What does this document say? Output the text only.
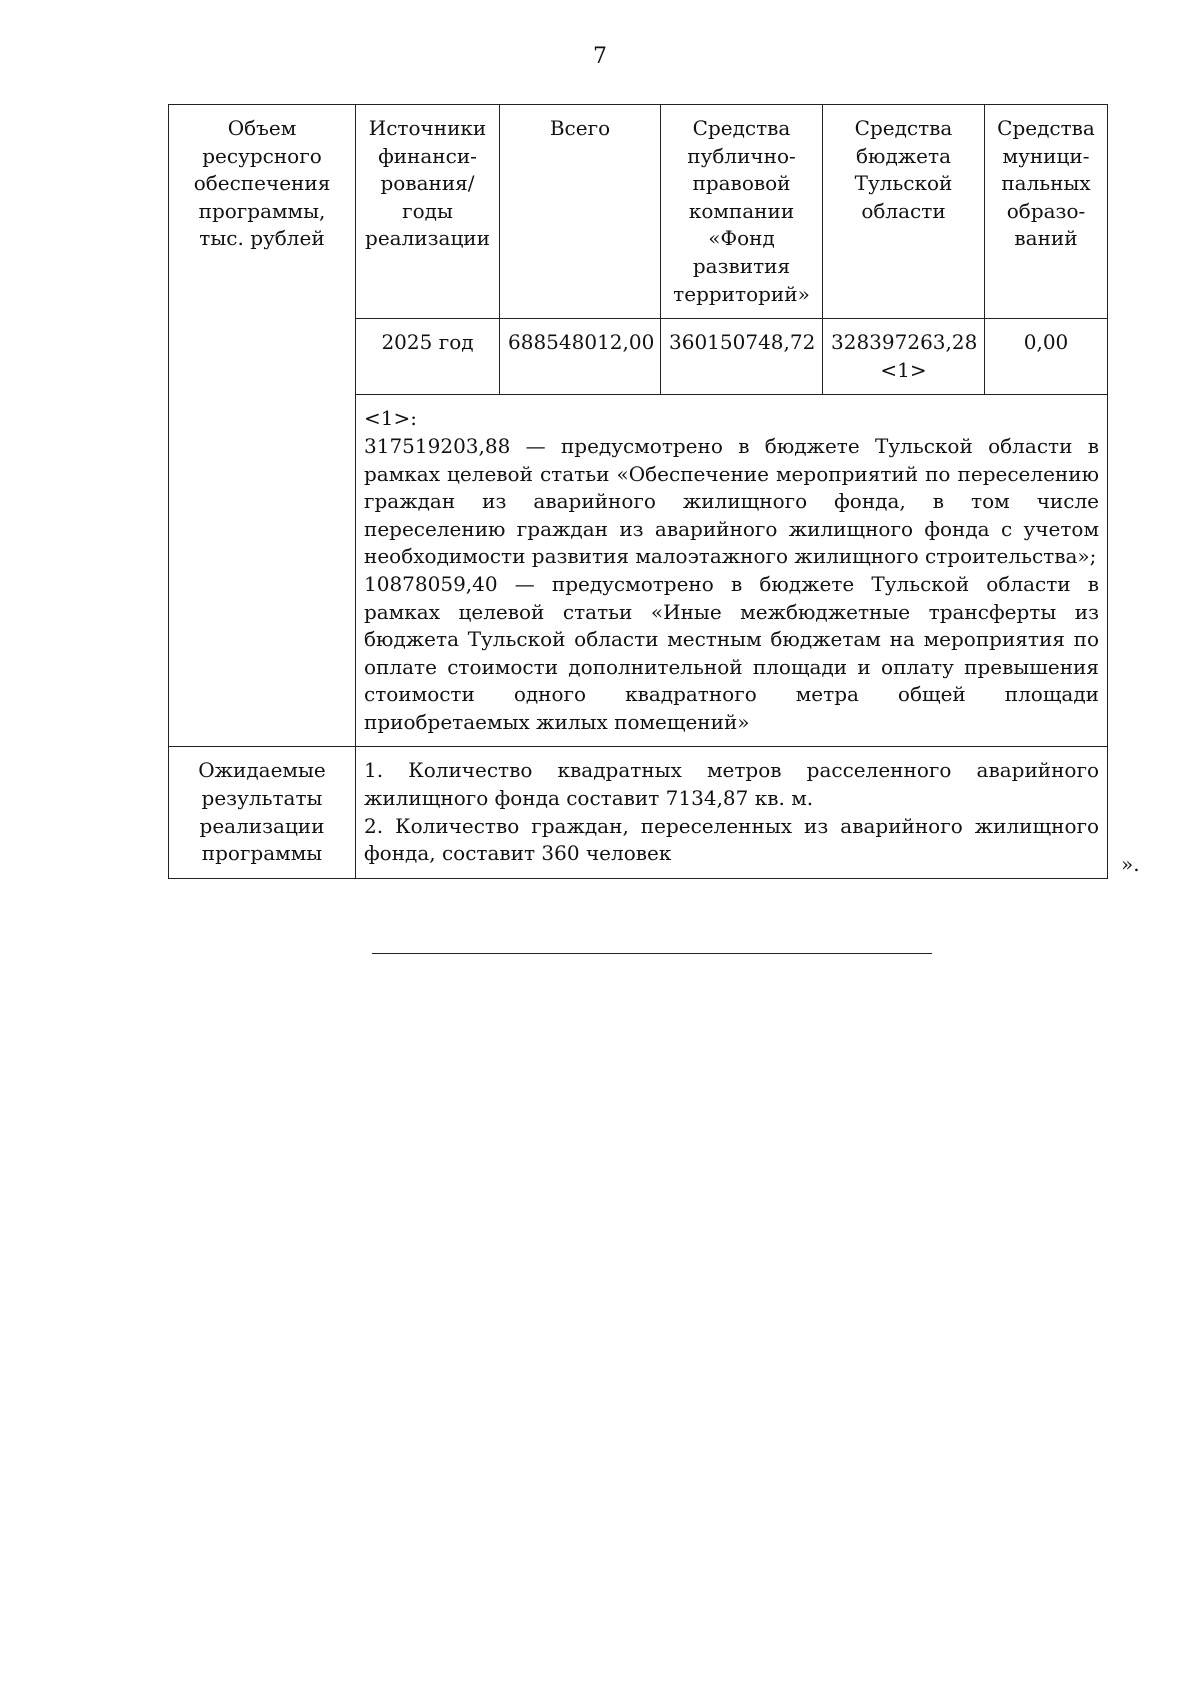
7
Объем ресурсного обеспечения программы, тыс. рублей	Источники финанси-рования/ годы реализации	Всего	Средства публично-правовой компании «Фонд развития территорий»	Средства бюджета Тульской области	Средства муници-пальных образо-ваний
	2025 год	688548012,00	360150748,72	328397263,28 <1>	0,00

	<1>:

317519203,88 — предусмотрено в бюджете Тульской области в рамках целевой статьи «Обеспечение мероприятий по переселению граждан из аварийного жилищного фонда, в том числе переселению граждан из аварийного жилищного фонда с учетом необходимости развития малоэтажного жилищного строительства»;

10878059,40 — предусмотрено в бюджете Тульской области в рамках целевой статьи «Иные межбюджетные трансферты из бюджета Тульской области местным бюджетам на мероприятия по оплате стоимости дополнительной площади и оплату превышения стоимости одного квадратного метра общей площади приобретаемых жилых помещений»				

Ожидаемые результаты реализации программы	1. Количество квадратных метров расселенного аварийного жилищного фонда составит 7134,87 кв. м.

2. Количество граждан, переселенных из аварийного жилищного фонда, составит 360 человек					».
